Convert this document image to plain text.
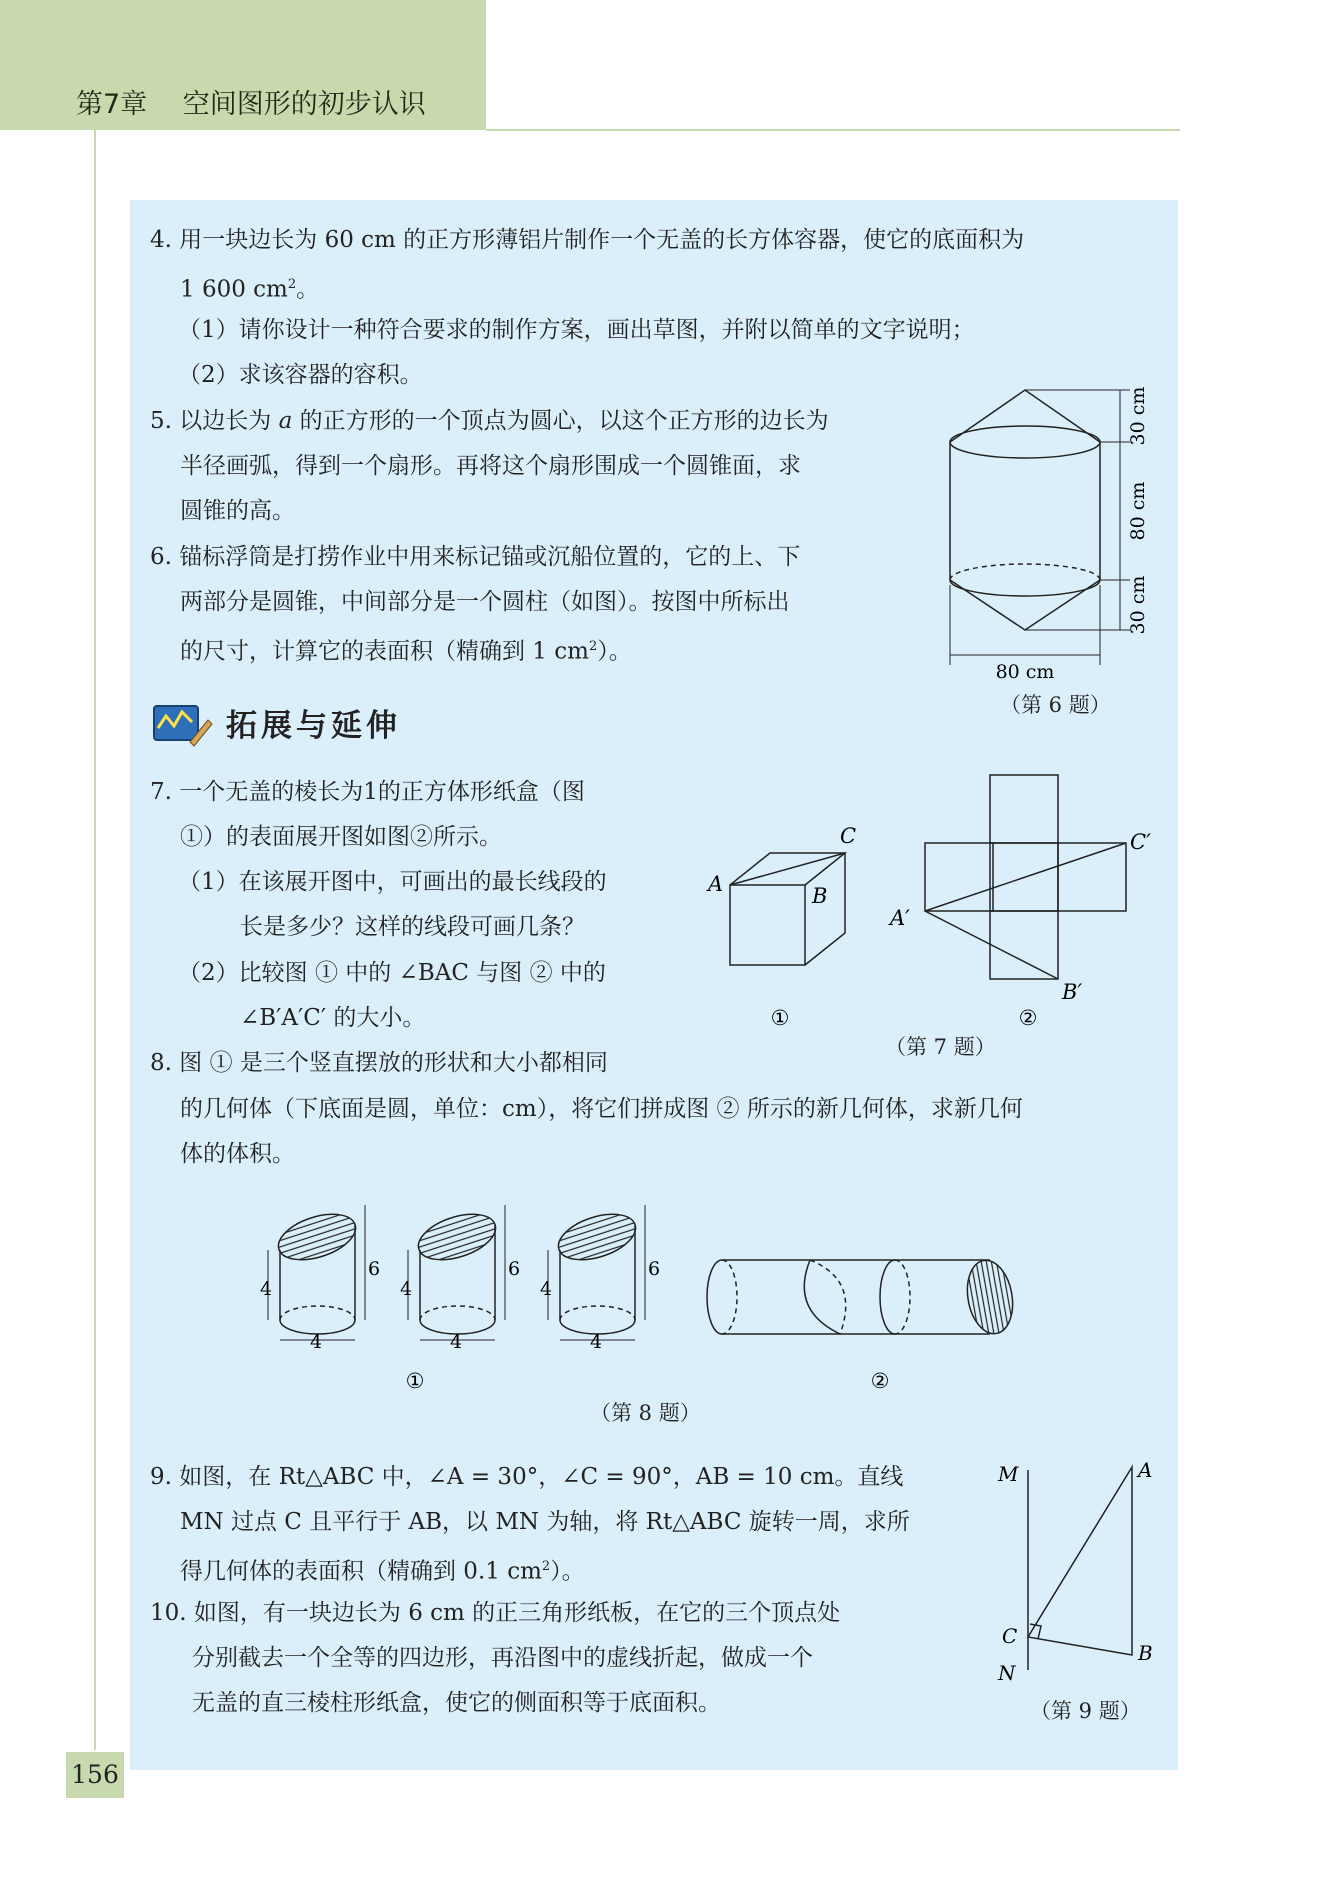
第7章　 空间图形的初步认识
4. 用一块边长为 60 cm 的正方形薄铝片制作一个无盖的长方体容器，使它的底面积为
1 600 $cm^2$。
（1）请你设计一种符合要求的制作方案，画出草图，并附以简单的文字说明；
（2）求该容器的容积。
5. 以边长为 a 的正方形的一个顶点为圆心，以这个正方形的边长为
半径画弧，得到一个扇形。再将这个扇形围成一个圆锥面，求
圆锥的高。
6. 锚标浮筒是打捞作业中用来标记锚或沉船位置的，它的上、下
两部分是圆锥，中间部分是一个圆柱（如图）。按图中所标出
的尺寸，计算它的表面积（精确到 1 $cm^2$）。
30 cm
80 cm
30 cm
80 cm
（第 6 题）
拓展与延伸
7. 一个无盖的棱长为1的正方体形纸盒（图
①）的表面展开图如图②所示。
（1）在该展开图中，可画出的最长线段的
长是多少？这样的线段可画几条？
（2）比较图 ① 中的 ∠BAC 与图 ② 中的
∠B′A′C′ 的大小。
A	B
C
A′
B′
C′
①	②
（第 7 题）
8. 图 ① 是三个竖直摆放的形状和大小都相同
的几何体（下底面是圆，单位：cm），将它们拼成图 ② 所示的新几何体，求新几何
体的体积。
4
6
4
4
6
4
4
6
4
①	②
（第 8 题）
9. 如图，在 Rt△ABC 中，∠A = 30°，∠C = 90°，AB = 10 cm。直线
MN 过点 C 且平行于 AB，以 MN 为轴，将 Rt△ABC 旋转一周，求所
得几何体的表面积（精确到 0.1 $cm^2$）。
10. 如图，有一块边长为 6 cm 的正三角形纸板，在它的三个顶点处
分别截去一个全等的四边形，再沿图中的虚线折起，做成一个
无盖的直三棱柱形纸盒，使它的侧面积等于底面积。
M	A
C
B
N
（第 9 题）
156
